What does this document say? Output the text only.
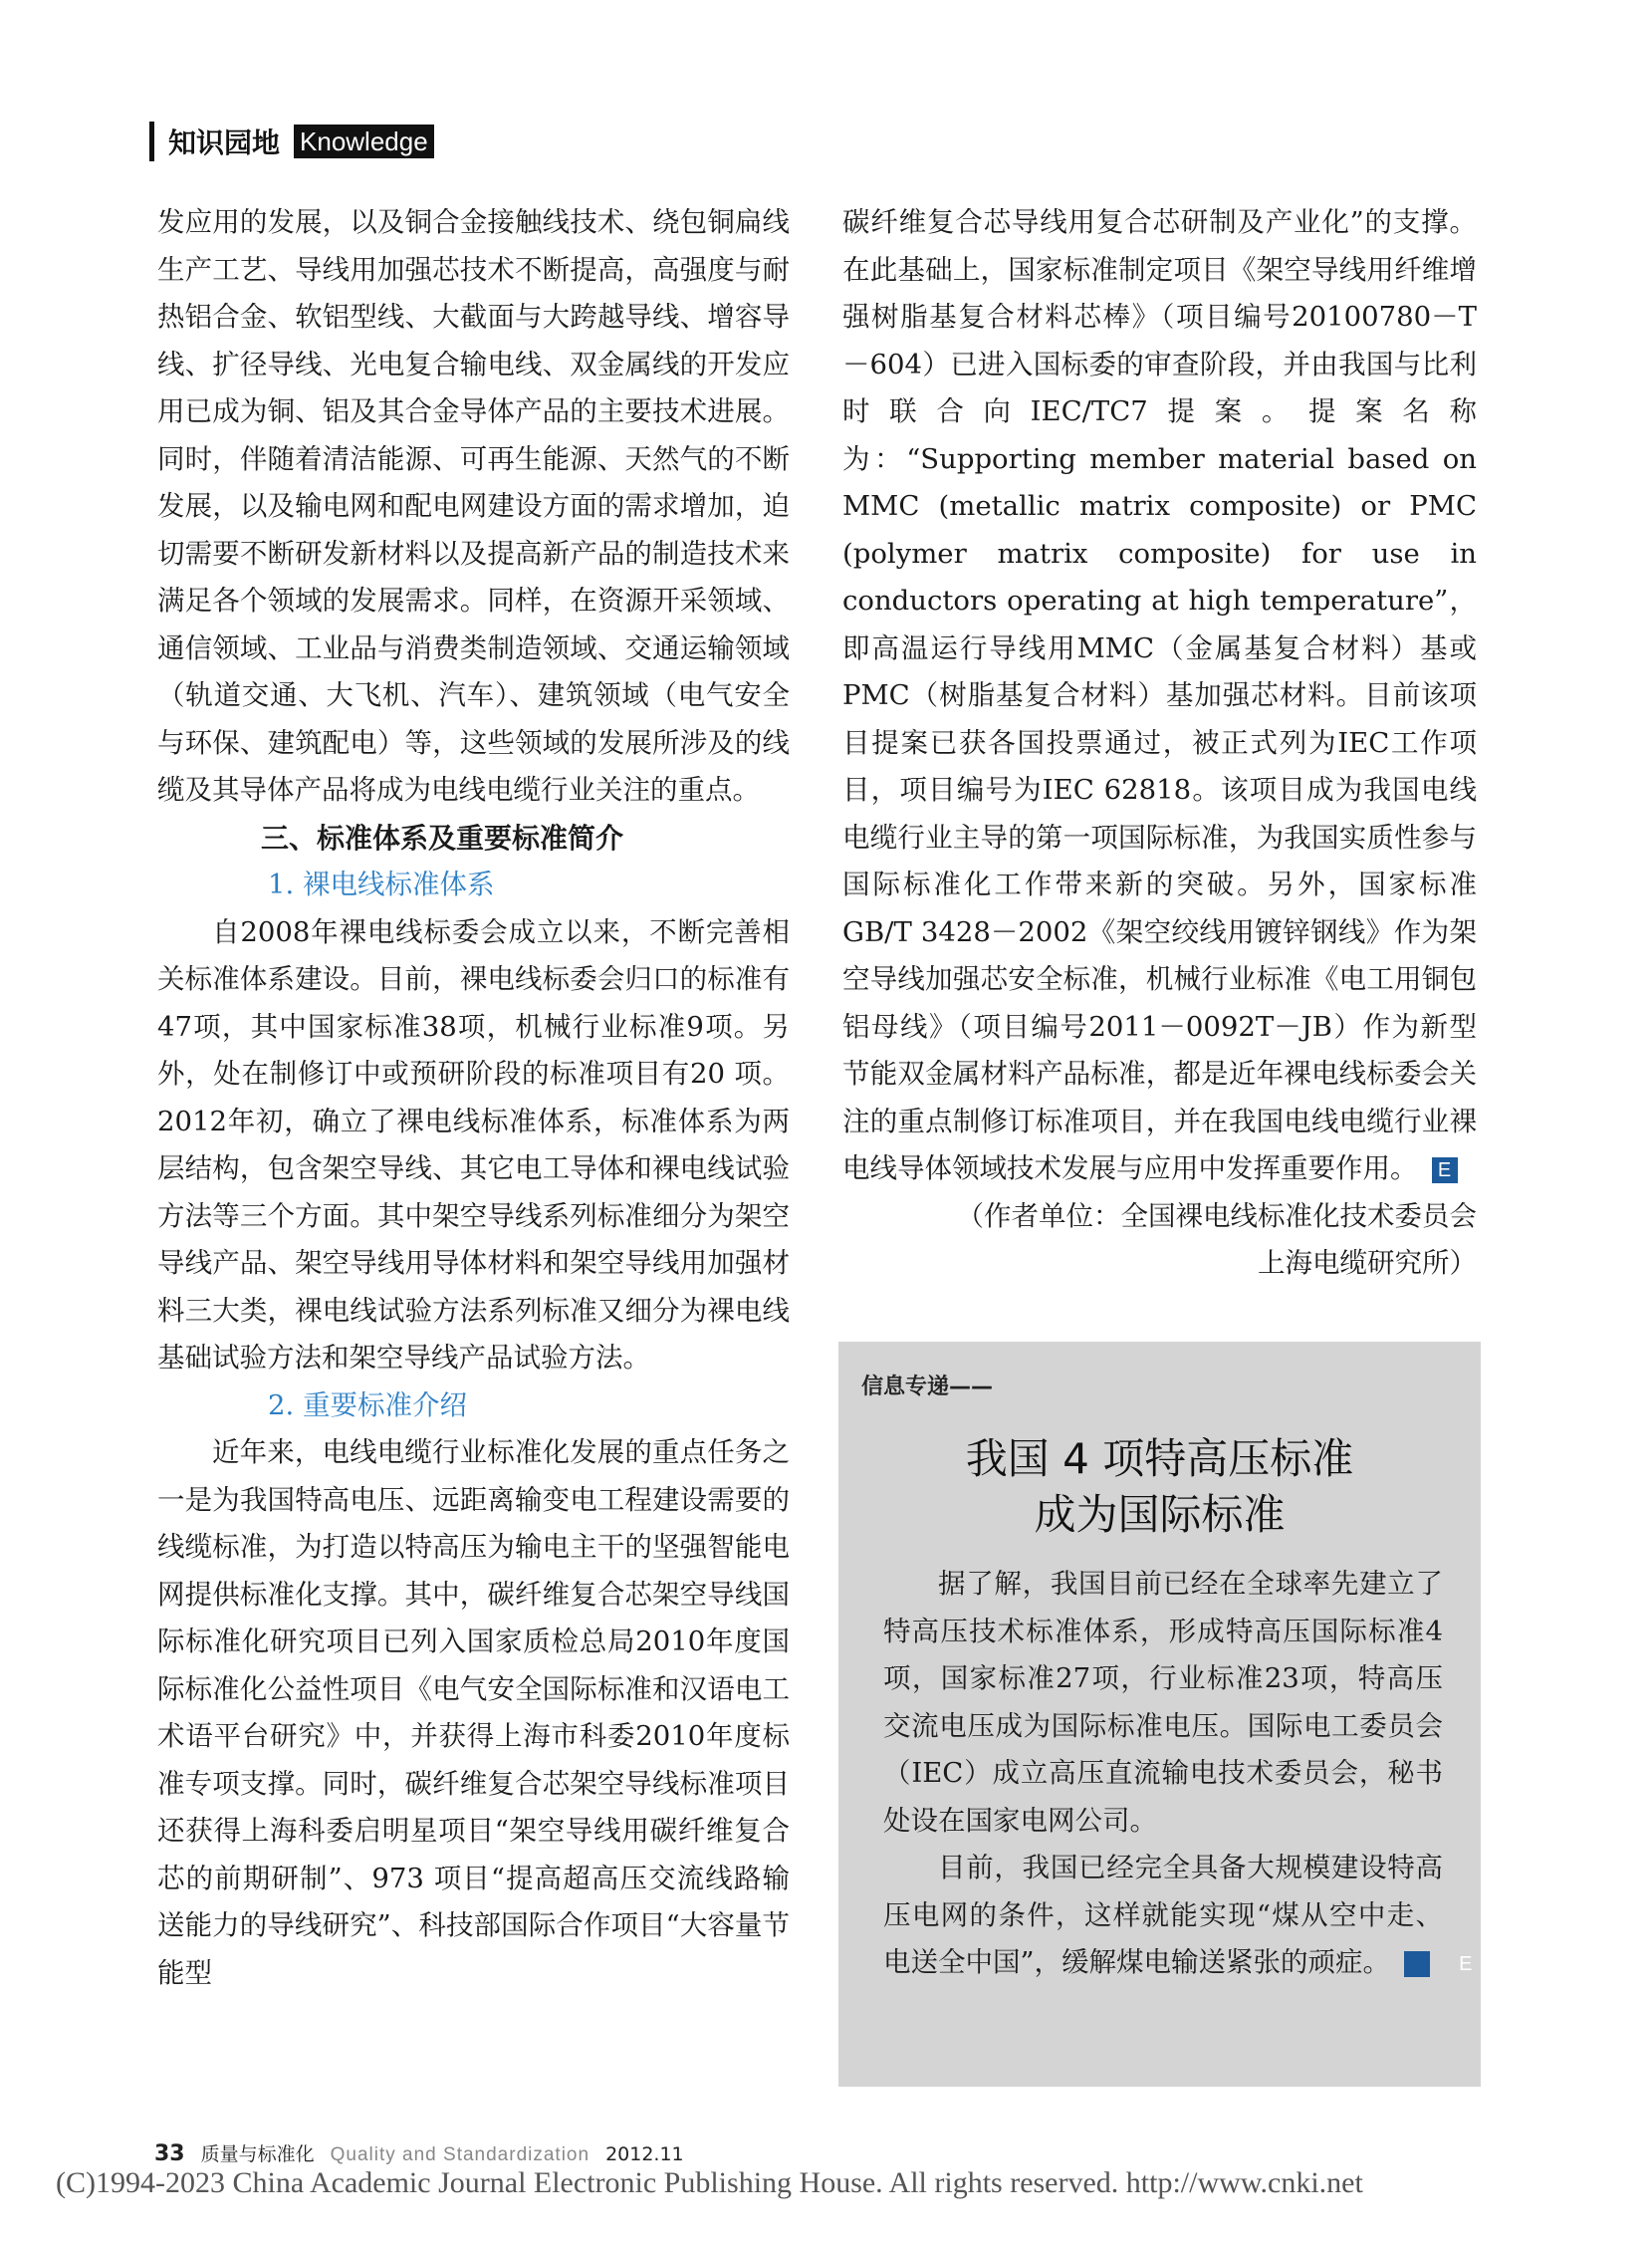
知识园地 Knowledge

发应用的发展，以及铜合金接触线技术、绕包铜扁线生产工艺、导线用加强芯技术不断提高，高强度与耐热铝合金、软铝型线、大截面与大跨越导线、增容导线、扩径导线、光电复合输电线、双金属线的开发应用已成为铜、铝及其合金导体产品的主要技术进展。同时，伴随着清洁能源、可再生能源、天然气的不断发展，以及输电网和配电网建设方面的需求增加，迫切需要不断研发新材料以及提高新产品的制造技术来满足各个领域的发展需求。同样，在资源开采领域、通信领域、工业品与消费类制造领域、交通运输领域（轨道交通、大飞机、汽车）、建筑领域（电气安全与环保、建筑配电）等，这些领域的发展所涉及的线缆及其导体产品将成为电线电缆行业关注的重点。

三、标准体系及重要标准简介

1. 裸电线标准体系

自2008年裸电线标委会成立以来，不断完善相关标准体系建设。目前，裸电线标委会归口的标准有47项，其中国家标准38项，机械行业标准9项。另外，处在制修订中或预研阶段的标准项目有20 项。2012年初，确立了裸电线标准体系，标准体系为两层结构，包含架空导线、其它电工导体和裸电线试验方法等三个方面。其中架空导线系列标准细分为架空导线产品、架空导线用导体材料和架空导线用加强材料三大类，裸电线试验方法系列标准又细分为裸电线基础试验方法和架空导线产品试验方法。

2. 重要标准介绍

近年来，电线电缆行业标准化发展的重点任务之一是为我国特高电压、远距离输变电工程建设需要的线缆标准，为打造以特高压为输电主干的坚强智能电网提供标准化支撑。其中，碳纤维复合芯架空导线国际标准化研究项目已列入国家质检总局2010年度国际标准化公益性项目《电气安全国际标准和汉语电工术语平台研究》中，并获得上海市科委2010年度标准专项支撑。同时，碳纤维复合芯架空导线标准项目还获得上海科委启明星项目“架空导线用碳纤维复合芯的前期研制”、973 项目“提高超高压交流线路输送能力的导线研究”、科技部国际合作项目“大容量节能型

碳纤维复合芯导线用复合芯研制及产业化”的支撑。在此基础上，国家标准制定项目《架空导线用纤维增强树脂基复合材料芯棒》（项目编号20100780－T－604）已进入国标委的审查阶段，并由我国与比利时联合向IEC/TC7提案。提案名称为：“Supporting member material based on MMC (metallic matrix composite) or PMC (polymer matrix composite) for use in conductors operating at high temperature”，即高温运行导线用MMC（金属基复合材料）基或PMC（树脂基复合材料）基加强芯材料。目前该项目提案已获各国投票通过，被正式列为IEC工作项目，项目编号为IEC 62818。该项目成为我国电线电缆行业主导的第一项国际标准，为我国实质性参与国际标准化工作带来新的突破。另外，国家标准GB/T 3428－2002《架空绞线用镀锌钢线》作为架空导线加强芯安全标准，机械行业标准《电工用铜包铝母线》（项目编号2011－0092T－JB）作为新型节能双金属材料产品标准，都是近年裸电线标委会关注的重点制修订标准项目，并在我国电线电缆行业裸电线导体领域技术发展与应用中发挥重要作用。 E

（作者单位：全国裸电线标准化技术委员会

上海电缆研究所）

信息专递——
我国 4 项特高压标准
成为国际标准

据了解，我国目前已经在全球率先建立了特高压技术标准体系，形成特高压国际标准4项，国家标准27项，行业标准23项，特高压交流电压成为国际标准电压。国际电工委员会（IEC）成立高压直流输电技术委员会，秘书处设在国家电网公司。

目前，我国已经完全具备大规模建设特高压电网的条件，这样就能实现“煤从空中走、电送全中国”，缓解煤电输送紧张的顽症。	E

33 质量与标准化 Quality and Standardization 2012.11
(C)1994-2023 China Academic Journal Electronic Publishing House. All rights reserved. http://www.cnki.net
